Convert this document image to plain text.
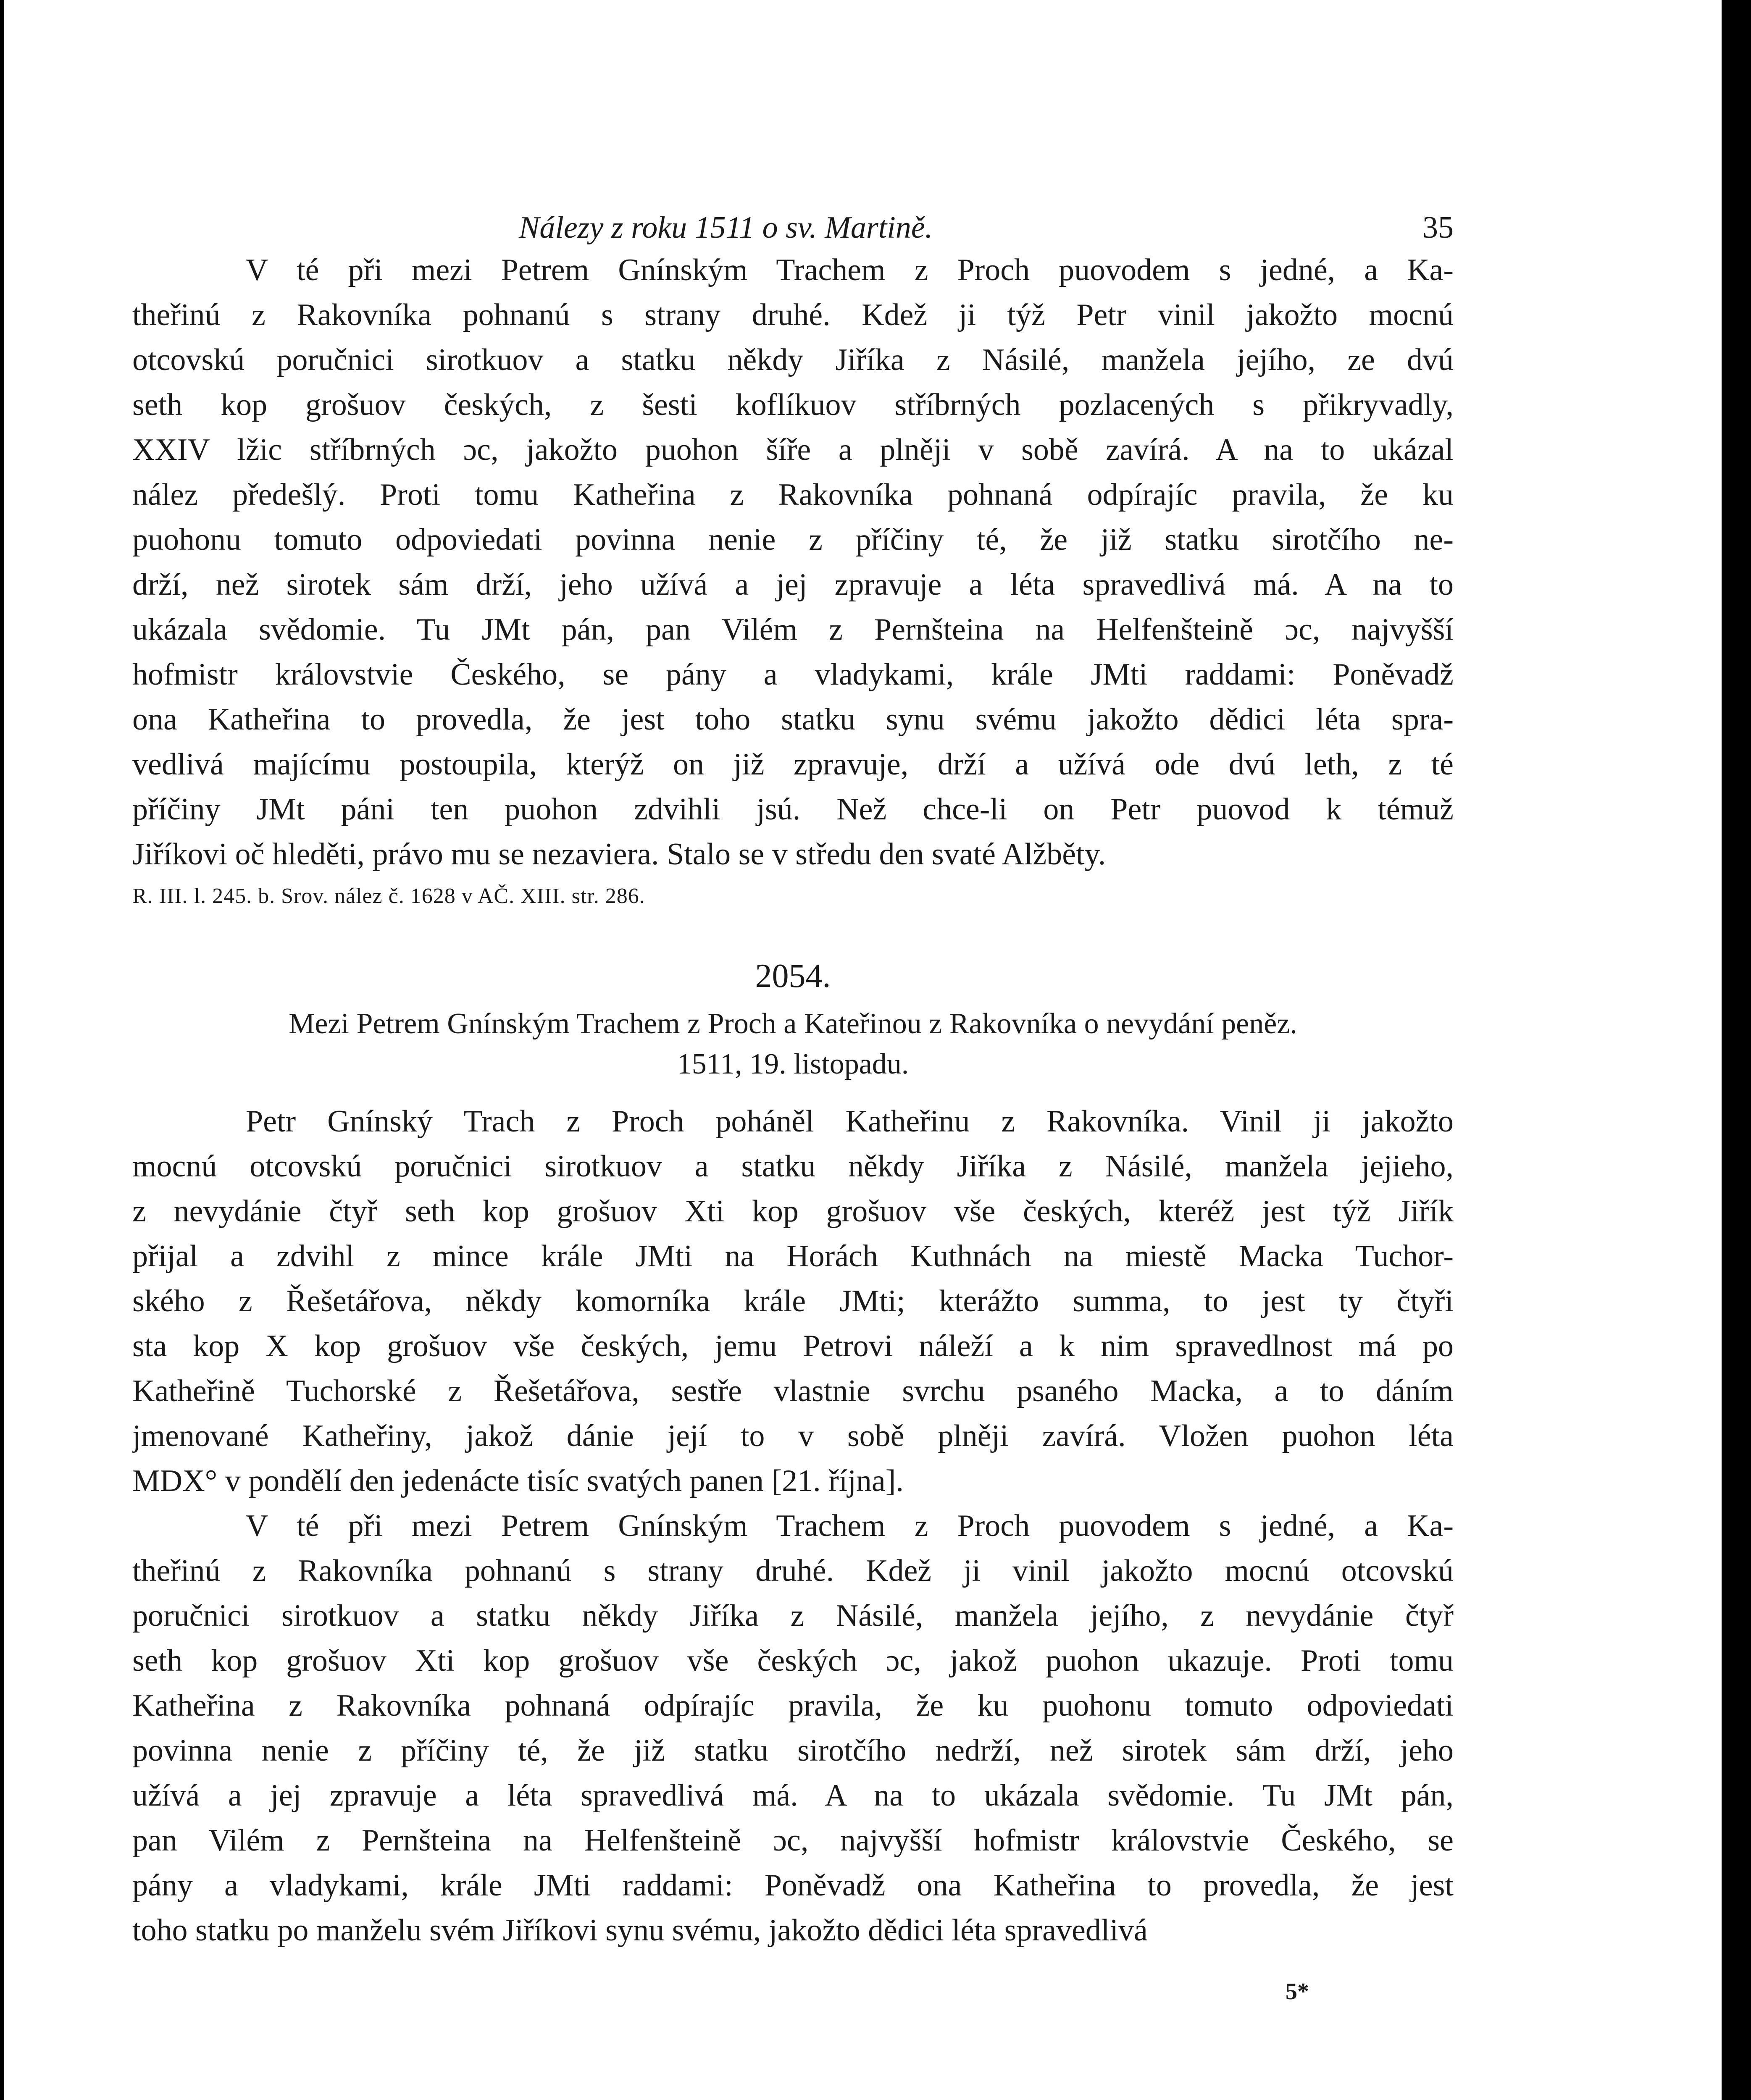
Nálezy z roku 1511 o sv. Martině.	35
V té při mezi Petrem Gnínským Trachem z Proch puovodem s jedné, a Ka-
theřinú z Rakovníka pohnanú s strany druhé. Kdež ji týž Petr vinil jakožto mocnú
otcovskú poručnici sirotkuov a statku někdy Jiříka z Násilé, manžela jejího, ze dvú
seth kop grošuov českých, z šesti koflíkuov stříbrných pozlacených s přikryvadly,
XXIV lžic stříbrných ɔc, jakožto puohon šíře a plněji v sobě zavírá. A na to ukázal
nález předešlý. Proti tomu Katheřina z Rakovníka pohnaná odpírajíc pravila, že ku
puohonu tomuto odpoviedati povinna nenie z příčiny té, že již statku sirotčího ne-
drží, než sirotek sám drží, jeho užívá a jej zpravuje a léta spravedlivá má. A na to
ukázala svědomie. Tu JMt pán, pan Vilém z Pernšteina na Helfenšteině ɔc, najvyšší
hofmistr královstvie Českého, se pány a vladykami, krále JMti raddami: Poněvadž
ona Katheřina to provedla, že jest toho statku synu svému jakožto dědici léta spra-
vedlivá majícímu postoupila, kterýž on již zpravuje, drží a užívá ode dvú leth, z té
příčiny JMt páni ten puohon zdvihli jsú. Než chce-li on Petr puovod k témuž
Jiříkovi oč hleděti, právo mu se nezaviera. Stalo se v středu den svaté Alžběty.
R. III. l. 245. b. Srov. nález č. 1628 v AČ. XIII. str. 286.
2054.
Mezi Petrem Gnínským Trachem z Proch a Kateřinou z Rakovníka o nevydání peněz.
1511, 19. listopadu.
Petr Gnínský Trach z Proch poháněl Katheřinu z Rakovníka. Vinil ji jakožto
mocnú otcovskú poručnici sirotkuov a statku někdy Jiříka z Násilé, manžela jejieho,
z nevydánie čtyř seth kop grošuov Xti kop grošuov vše českých, kteréž jest týž Jiřík
přijal a zdvihl z mince krále JMti na Horách Kuthnách na miestě Macka Tuchor-
ského z Řešetářova, někdy komorníka krále JMti; kterážto summa, to jest ty čtyři
sta kop X kop grošuov vše českých, jemu Petrovi náleží a k nim spravedlnost má po
Katheřině Tuchorské z Řešetářova, sestře vlastnie svrchu psaného Macka, a to dáním
jmenované Katheřiny, jakož dánie její to v sobě plněji zavírá. Vložen puohon léta
MDX° v pondělí den jedenácte tisíc svatých panen [21. října].
V té při mezi Petrem Gnínským Trachem z Proch puovodem s jedné, a Ka-
theřinú z Rakovníka pohnanú s strany druhé. Kdež ji vinil jakožto mocnú otcovskú
poručnici sirotkuov a statku někdy Jiříka z Násilé, manžela jejího, z nevydánie čtyř
seth kop grošuov Xti kop grošuov vše českých ɔc, jakož puohon ukazuje. Proti tomu
Katheřina z Rakovníka pohnaná odpírajíc pravila, že ku puohonu tomuto odpoviedati
povinna nenie z příčiny té, že již statku sirotčího nedrží, než sirotek sám drží, jeho
užívá a jej zpravuje a léta spravedlivá má. A na to ukázala svědomie. Tu JMt pán,
pan Vilém z Pernšteina na Helfenšteině ɔc, najvyšší hofmistr královstvie Českého, se
pány a vladykami, krále JMti raddami: Poněvadž ona Katheřina to provedla, že jest
toho statku po manželu svém Jiříkovi synu svému, jakožto dědici léta spravedlivá
5*
